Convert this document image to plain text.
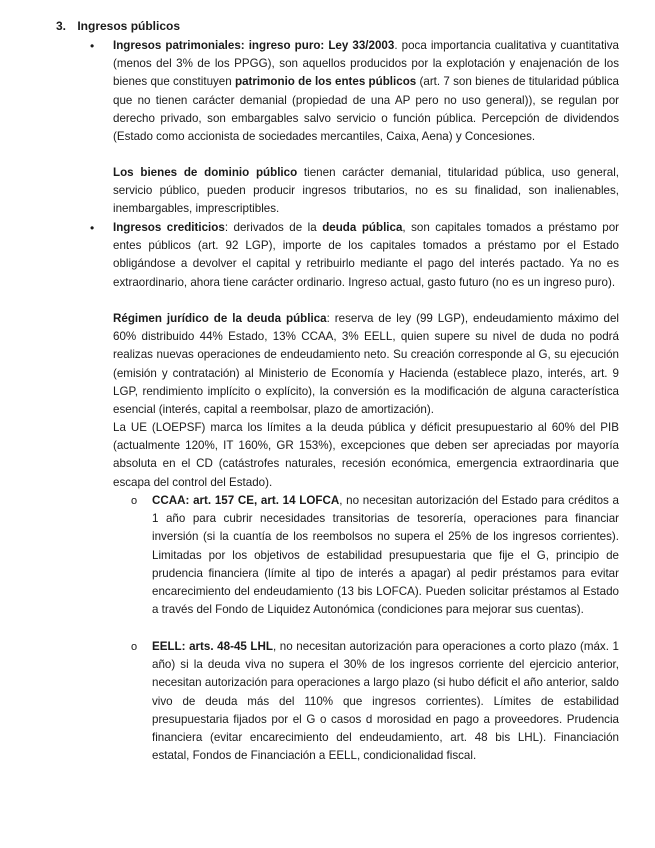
3. Ingresos públicos
• Ingresos patrimoniales: ingreso puro: Ley 33/2003. poca importancia cualitativa y cuantitativa (menos del 3% de los PPGG), son aquellos producidos por la explotación y enajenación de los bienes que constituyen patrimonio de los entes públicos (art. 7 son bienes de titularidad pública que no tienen carácter demanial (propiedad de una AP pero no uso general)), se regulan por derecho privado, son embargables salvo servicio o función pública. Percepción de dividendos (Estado como accionista de sociedades mercantiles, Caixa, Aena) y Concesiones.

Los bienes de dominio público tienen carácter demanial, titularidad pública, uso general, servicio público, pueden producir ingresos tributarios, no es su finalidad, son inalienables, inembargables, imprescriptibles.

• Ingresos crediticios: derivados de la deuda pública, son capitales tomados a préstamo por entes públicos (art. 92 LGP), importe de los capitales tomados a préstamo por el Estado obligándose a devolver el capital y retribuirlo mediante el pago del interés pactado. Ya no es extraordinario, ahora tiene carácter ordinario. Ingreso actual, gasto futuro (no es un ingreso puro).

Régimen jurídico de la deuda pública: reserva de ley (99 LGP), endeudamiento máximo del 60% distribuido 44% Estado, 13% CCAA, 3% EELL, quien supere su nivel de duda no podrá realizas nuevas operaciones de endeudamiento neto. Su creación corresponde al G, su ejecución (emisión y contratación) al Ministerio de Economía y Hacienda (establece plazo, interés, art. 9 LGP, rendimiento implícito o explícito), la conversión es la modificación de alguna característica esencial (interés, capital a reembolsar, plazo de amortización).

La UE (LOEPSF) marca los límites a la deuda pública y déficit presupuestario al 60% del PIB (actualmente 120%, IT 160%, GR 153%), excepciones que deben ser apreciadas por mayoría absoluta en el CD (catástrofes naturales, recesión económica, emergencia extraordinaria que escapa del control del Estado).

o CCAA: art. 157 CE, art. 14 LOFCA, no necesitan autorización del Estado para créditos a 1 año para cubrir necesidades transitorias de tesorería, operaciones para financiar inversión (si la cuantía de los reembolsos no supera el 25% de los ingresos corrientes). Limitadas por los objetivos de estabilidad presupuestaria que fije el G, principio de prudencia financiera (límite al tipo de interés a apagar) al pedir préstamos para evitar encarecimiento del endeudamiento (13 bis LOFCA). Pueden solicitar préstamos al Estado a través del Fondo de Liquidez Autonómica (condiciones para mejorar sus cuentas).

o EELL: arts. 48-45 LHL, no necesitan autorización para operaciones a corto plazo (máx. 1 año) si la deuda viva no supera el 30% de los ingresos corriente del ejercicio anterior, necesitan autorización para operaciones a largo plazo (si hubo déficit el año anterior, saldo vivo de deuda más del 110% que ingresos corrientes). Límites de estabilidad presupuestaria fijados por el G o casos d morosidad en pago a proveedores. Prudencia financiera (evitar encarecimiento del endeudamiento, art. 48 bis LHL). Financiación estatal, Fondos de Financiación a EELL, condicionalidad fiscal.
